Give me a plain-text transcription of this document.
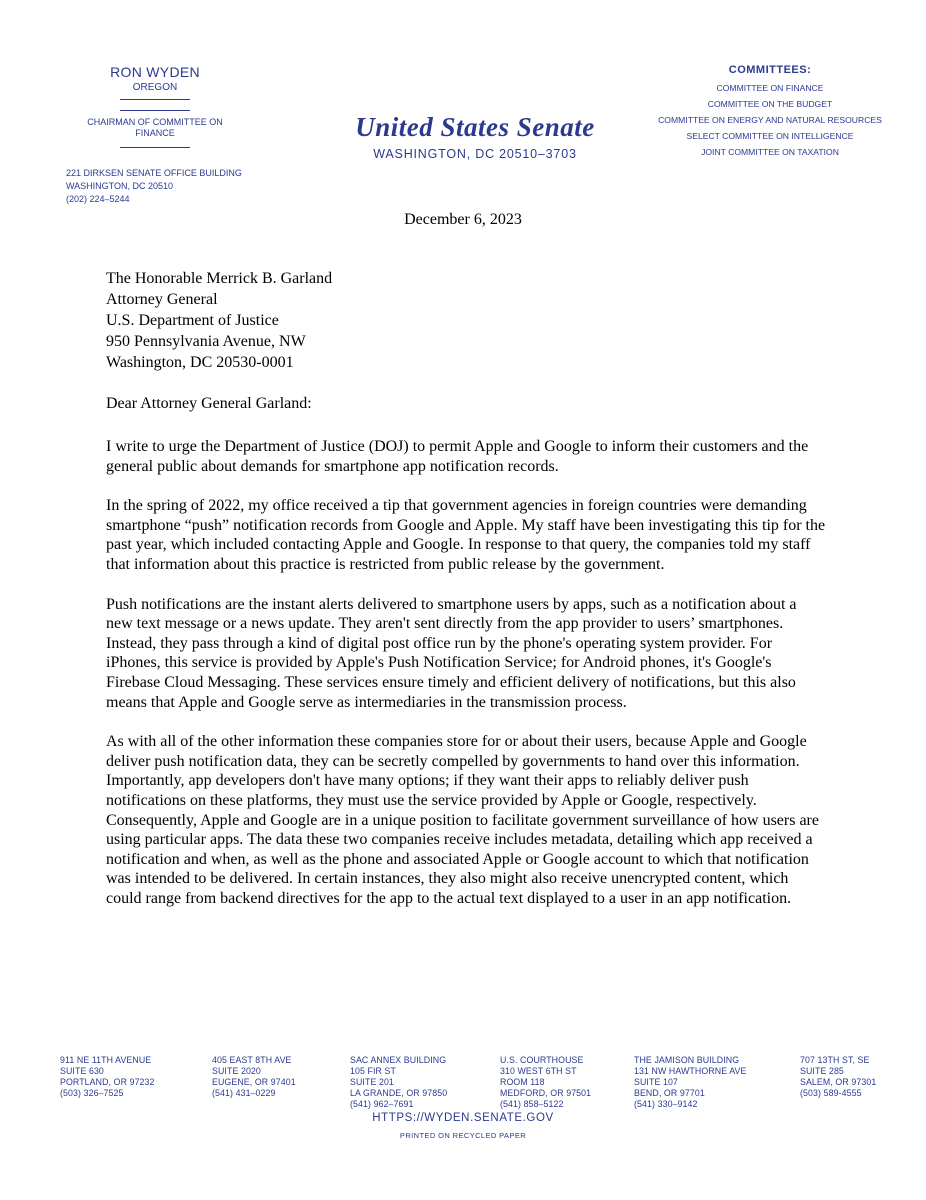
RON WYDEN
OREGON
CHAIRMAN OF COMMITTEE ON
FINANCE
221 DIRKSEN SENATE OFFICE BUILDING
WASHINGTON, DC 20510
(202) 224–5244
United States Senate
WASHINGTON, DC 20510–3703
COMMITTEES:
COMMITTEE ON FINANCE
COMMITTEE ON THE BUDGET
COMMITTEE ON ENERGY AND NATURAL RESOURCES
SELECT COMMITTEE ON INTELLIGENCE
JOINT COMMITTEE ON TAXATION
December 6, 2023
The Honorable Merrick B. Garland
Attorney General
U.S. Department of Justice
950 Pennsylvania Avenue, NW
Washington, DC 20530-0001
Dear Attorney General Garland:

I write to urge the Department of Justice (DOJ) to permit Apple and Google to inform their customers and the general public about demands for smartphone app notification records.

In the spring of 2022, my office received a tip that government agencies in foreign countries were demanding smartphone “push” notification records from Google and Apple. My staff have been investigating this tip for the past year, which included contacting Apple and Google. In response to that query, the companies told my staff that information about this practice is restricted from public release by the government.

Push notifications are the instant alerts delivered to smartphone users by apps, such as a notification about a new text message or a news update. They aren't sent directly from the app provider to users’ smartphones. Instead, they pass through a kind of digital post office run by the phone's operating system provider. For iPhones, this service is provided by Apple's Push Notification Service; for Android phones, it's Google's Firebase Cloud Messaging. These services ensure timely and efficient delivery of notifications, but this also means that Apple and Google serve as intermediaries in the transmission process.

As with all of the other information these companies store for or about their users, because Apple and Google deliver push notification data, they can be secretly compelled by governments to hand over this information. Importantly, app developers don't have many options; if they want their apps to reliably deliver push notifications on these platforms, they must use the service provided by Apple or Google, respectively. Consequently, Apple and Google are in a unique position to facilitate government surveillance of how users are using particular apps. The data these two companies receive includes metadata, detailing which app received a notification and when, as well as the phone and associated Apple or Google account to which that notification was intended to be delivered. In certain instances, they also might also receive unencrypted content, which could range from backend directives for the app to the actual text displayed to a user in an app notification.

911 NE 11TH AVENUE
SUITE 630
PORTLAND, OR 97232
(503) 326–7525
405 EAST 8TH AVE
SUITE 2020
EUGENE, OR 97401
(541) 431–0229
SAC ANNEX BUILDING
105 FIR ST
SUITE 201
LA GRANDE, OR 97850
(541) 962–7691
U.S. COURTHOUSE
310 WEST 6TH ST
ROOM 118
MEDFORD, OR 97501
(541) 858–5122
THE JAMISON BUILDING
131 NW HAWTHORNE AVE
SUITE 107
BEND, OR 97701
(541) 330–9142
707 13TH ST, SE
SUITE 285
SALEM, OR 97301
(503) 589-4555
HTTPS://WYDEN.SENATE.GOV
PRINTED ON RECYCLED PAPER
